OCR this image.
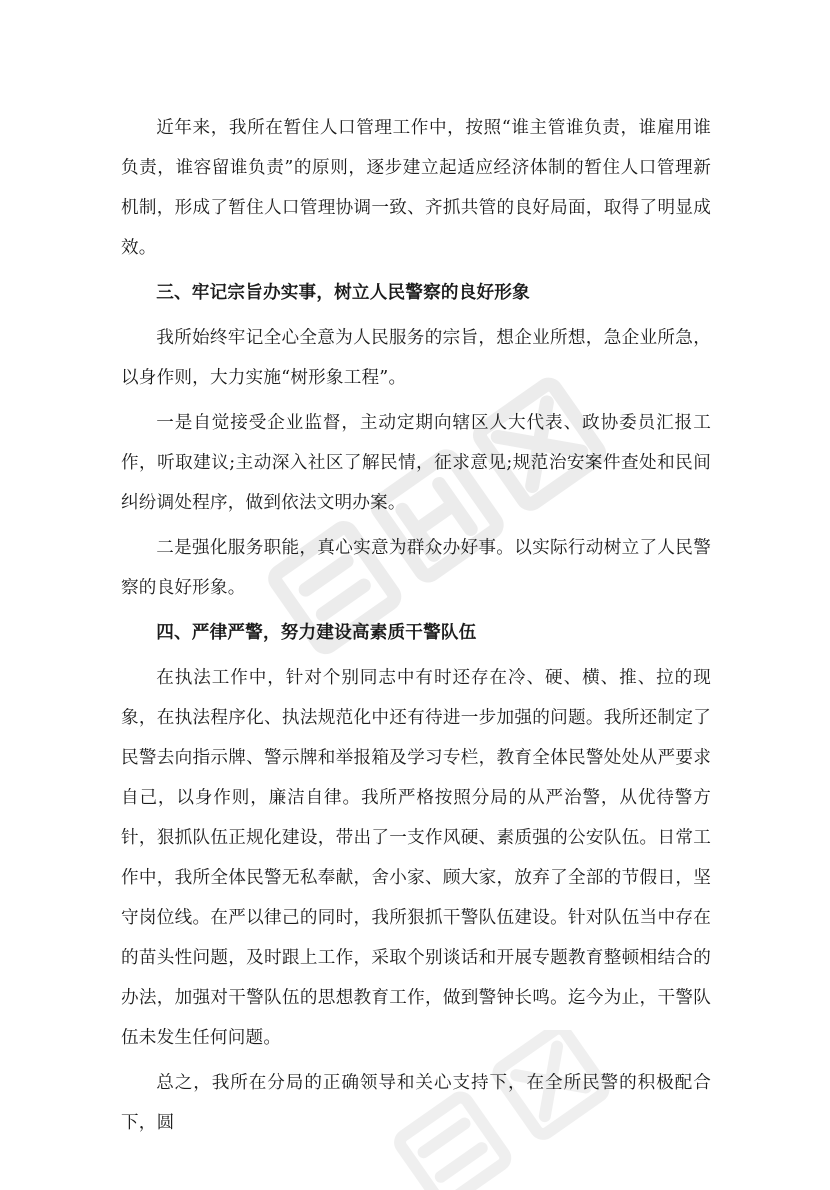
近年来，我所在暂住人口管理工作中，按照“谁主管谁负责，谁雇用谁负责，谁容留谁负责”的原则，逐步建立起适应经济体制的暂住人口管理新机制，形成了暂住人口管理协调一致、齐抓共管的良好局面，取得了明显成效。

三、牢记宗旨办实事，树立人民警察的良好形象

我所始终牢记全心全意为人民服务的宗旨，想企业所想，急企业所急，以身作则，大力实施“树形象工程”。

一是自觉接受企业监督，主动定期向辖区人大代表、政协委员汇报工作，听取建议;主动深入社区了解民情，征求意见;规范治安案件查处和民间纠纷调处程序，做到依法文明办案。

二是强化服务职能，真心实意为群众办好事。以实际行动树立了人民警察的良好形象。

四、严律严警，努力建设高素质干警队伍

在执法工作中，针对个别同志中有时还存在冷、硬、横、推、拉的现象，在执法程序化、执法规范化中还有待进一步加强的问题。我所还制定了民警去向指示牌、警示牌和举报箱及学习专栏，教育全体民警处处从严要求自己，以身作则，廉洁自律。我所严格按照分局的从严治警，从优待警方针，狠抓队伍正规化建设，带出了一支作风硬、素质强的公安队伍。日常工作中，我所全体民警无私奉献，舍小家、顾大家，放弃了全部的节假日，坚守岗位线。在严以律己的同时，我所狠抓干警队伍建设。针对队伍当中存在的苗头性问题，及时跟上工作，采取个别谈话和开展专题教育整顿相结合的办法，加强对干警队伍的思想教育工作，做到警钟长鸣。迄今为止，干警队伍未发生任何问题。

总之，我所在分局的正确领导和关心支持下，在全所民警的积极配合下，圆
